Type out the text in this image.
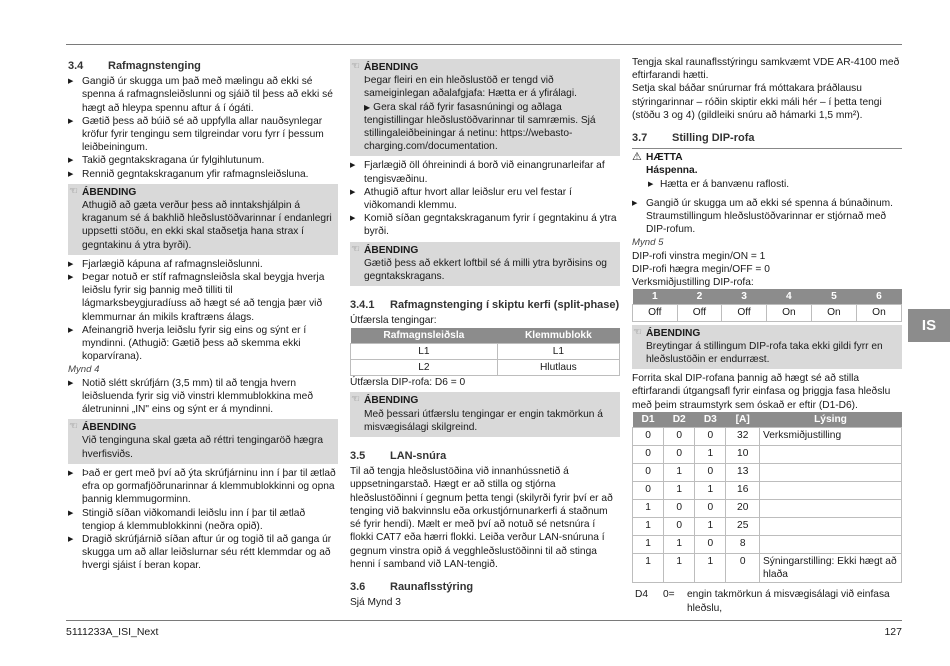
3.4 Rafmagnstenging
▶ Gangið úr skugga um það með mælingu að ekki sé spenna á rafmagnsleiðslunni og sjáið til þess að ekki sé hægt að hleypa spennu aftur á í ógáti.
▶ Gætið þess að búið sé að uppfylla allar nauðsynlegar kröfur fyrir tengingu sem tilgreindar voru fyrr í þessum leiðbeiningum.
▶ Takið gegntakskragana úr fylgihlutunum.
▶ Rennið gegntakskraganum yfir rafmagnsleiðsluna.
☜ ÁBENDING
Athugið að gæta verður þess að inntakshjálpin á kraganum sé á bakhlið hleðslustöðvarinnar í endanlegri uppsetti stöðu, en ekki skal staðsetja hana strax í gegntakinu á ytra byrði).
▶ Fjarlægið kápuna af rafmagnsleiðslunni.
▶ Þegar notuð er stíf rafmagnsleiðsla skal beygja hverja leiðslu fyrir sig þannig með tilliti til lágmarksbeygjuradíuss að hægt sé að tengja þær við klemmurnar án mikils kraftræns álags.
▶ Afeinangrið hverja leiðslu fyrir sig eins og sýnt er í myndinni. (Athugið: Gætið þess að skemma ekki koparvírana).
Mynd 4
▶ Notið slétt skrúfjárn (3,5 mm) til að tengja hvern leiðsluenda fyrir sig við vinstri klemmublokkina með áletruninni „IN" eins og sýnt er á myndinni.
☜ ÁBENDING
Við tenginguna skal gæta að réttri tengingaröð hægra hverfisviðs.
▶ Það er gert með því að ýta skrúfjárninu inn í þar til ætlað efra op gormafjöðrunarinnar á klemmublokkinni og opna þannig klemmugorminn.
▶ Stingið síðan viðkomandi leiðslu inn í þar til ætlað tengiop á klemmublokkinni (neðra opið).
▶ Dragið skrúfjárnið síðan aftur úr og togið til að ganga úr skugga um að allar leiðslurnar séu rétt klemmdar og að hvergi sjáist í beran kopar.
☜ ÁBENDING
Þegar fleiri en ein hleðslustöð er tengd við sameiginlegan aðalafgjafa: Hætta er á yfirálagi.
▶ Gera skal ráð fyrir fasasnúningi og aðlaga tengistillingar hleðslustöðvarinnar til samræmis. Sjá stillingaleiðbeiningar á netinu: https://webasto-charging.com/documentation.
▶ Fjarlægið öll óhreinindi á borð við einangrunarleifar af tengisvæðinu.
▶ Athugið aftur hvort allar leiðslur eru vel festar í viðkomandi klemmu.
▶ Komið síðan gegntakskraganum fyrir í gegntakinu á ytra byrði.
☜ ÁBENDING
Gætið þess að ekkert loftbil sé á milli ytra byrðisins og gegntakskragans.
3.4.1 Rafmagnstenging í skiptu kerfi (split-phase)
Útfærsla tengingar:
Rafmagnsleiðsla	Klemmublokk
L1	L1
L2	Hlutlaus
Útfærsla DIP-rofa: D6 = 0
☜ ÁBENDING
Með þessari útfærslu tengingar er engin takmörkun á misvægisálagi skilgreind.
3.5 LAN-snúra
Til að tengja hleðslustöðina við innanhússnetið á uppsetningarstað. Hægt er að stilla og stjórna hleðslustöðinni í gegnum þetta tengi (skilyrði fyrir því er að tenging við bakvinnslu eða orkustjórnunarkerfi á staðnum sé fyrir hendi). Mælt er með því að notuð sé netsnúra í flokki CAT7 eða hærri flokki. Leiða verður LAN-snúruna í gegnum vinstra opið á vegghleðslustöðinni til að stinga henni í samband við LAN-tengið.
3.6 Raunaflsstýring
Sjá Mynd 3
Tengja skal raunaflsstýringu samkvæmt VDE AR-4100 með eftirfarandi hætti.
Setja skal báðar snúrurnar frá móttakara þráðlausu stýringarinnar – róðin skiptir ekki máli hér – í þetta tengi (stöðu 3 og 4) (gildleiki snúru að hámarki 1,5 mm²).
3.7 Stilling DIP-rofa
⚠ HÆTTA
Háspenna.
▶ Hætta er á banvænu raflosti.
▶ Gangið úr skugga um að ekki sé spenna á búnaðinum. Straumstillingum hleðslustöðvarinnar er stjórnað með DIP-rofum.
Mynd 5
DIP-rofi vinstra megin/ON = 1
DIP-rofi hægra megin/OFF = 0
Verksmiðjustilling DIP-rofa:
1	2	3	4	5	6
Off	Off	Off	On	On	On
☜ ÁBENDING
Breytingar á stillingum DIP-rofa taka ekki gildi fyrr en hleðslustöðin er endurræst.
Forrita skal DIP-rofana þannig að hægt sé að stilla eftirfarandi útgangsafl fyrir einfasa og þriggja fasa hleðslu með þeim straumstyrk sem óskað er eftir (D1-D6).
D1	D2	D3	[A]	Lýsing
0	0	0	32	Verksmiðjustilling
0	0	1	10	
0	1	0	13	
0	1	1	16	
1	0	0	20	
1	0	1	25	
1	1	0	8	
1	1	1	0	Sýningarstilling: Ekki hægt að hlaða
D4	0=	engin takmörkun á misvægisálagi við einfasa hleðslu,
IS
5111233A_ISI_Next	127
